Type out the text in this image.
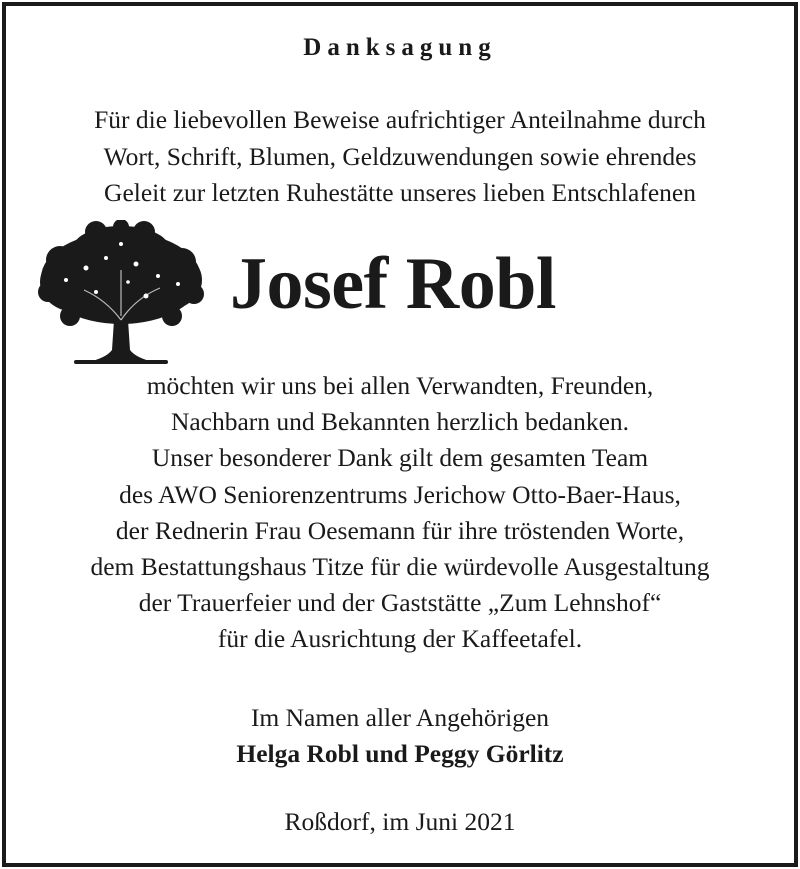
Danksagung
Für die liebevollen Beweise aufrichtiger Anteilnahme durch
Wort, Schrift, Blumen, Geldzuwendungen sowie ehrendes
Geleit zur letzten Ruhestätte unseres lieben Entschlafenen
Josef Robl
möchten wir uns bei allen Verwandten, Freunden,
Nachbarn und Bekannten herzlich bedanken.
Unser besonderer Dank gilt dem gesamten Team
des AWO Seniorenzentrums Jerichow Otto-Baer-Haus,
der Rednerin Frau Oesemann für ihre tröstenden Worte,
dem Bestattungshaus Titze für die würdevolle Ausgestaltung
der Trauerfeier und der Gaststätte „Zum Lehnshof“
für die Ausrichtung der Kaffeetafel.
Im Namen aller Angehörigen
Helga Robl und Peggy Görlitz
Roßdorf, im Juni 2021
